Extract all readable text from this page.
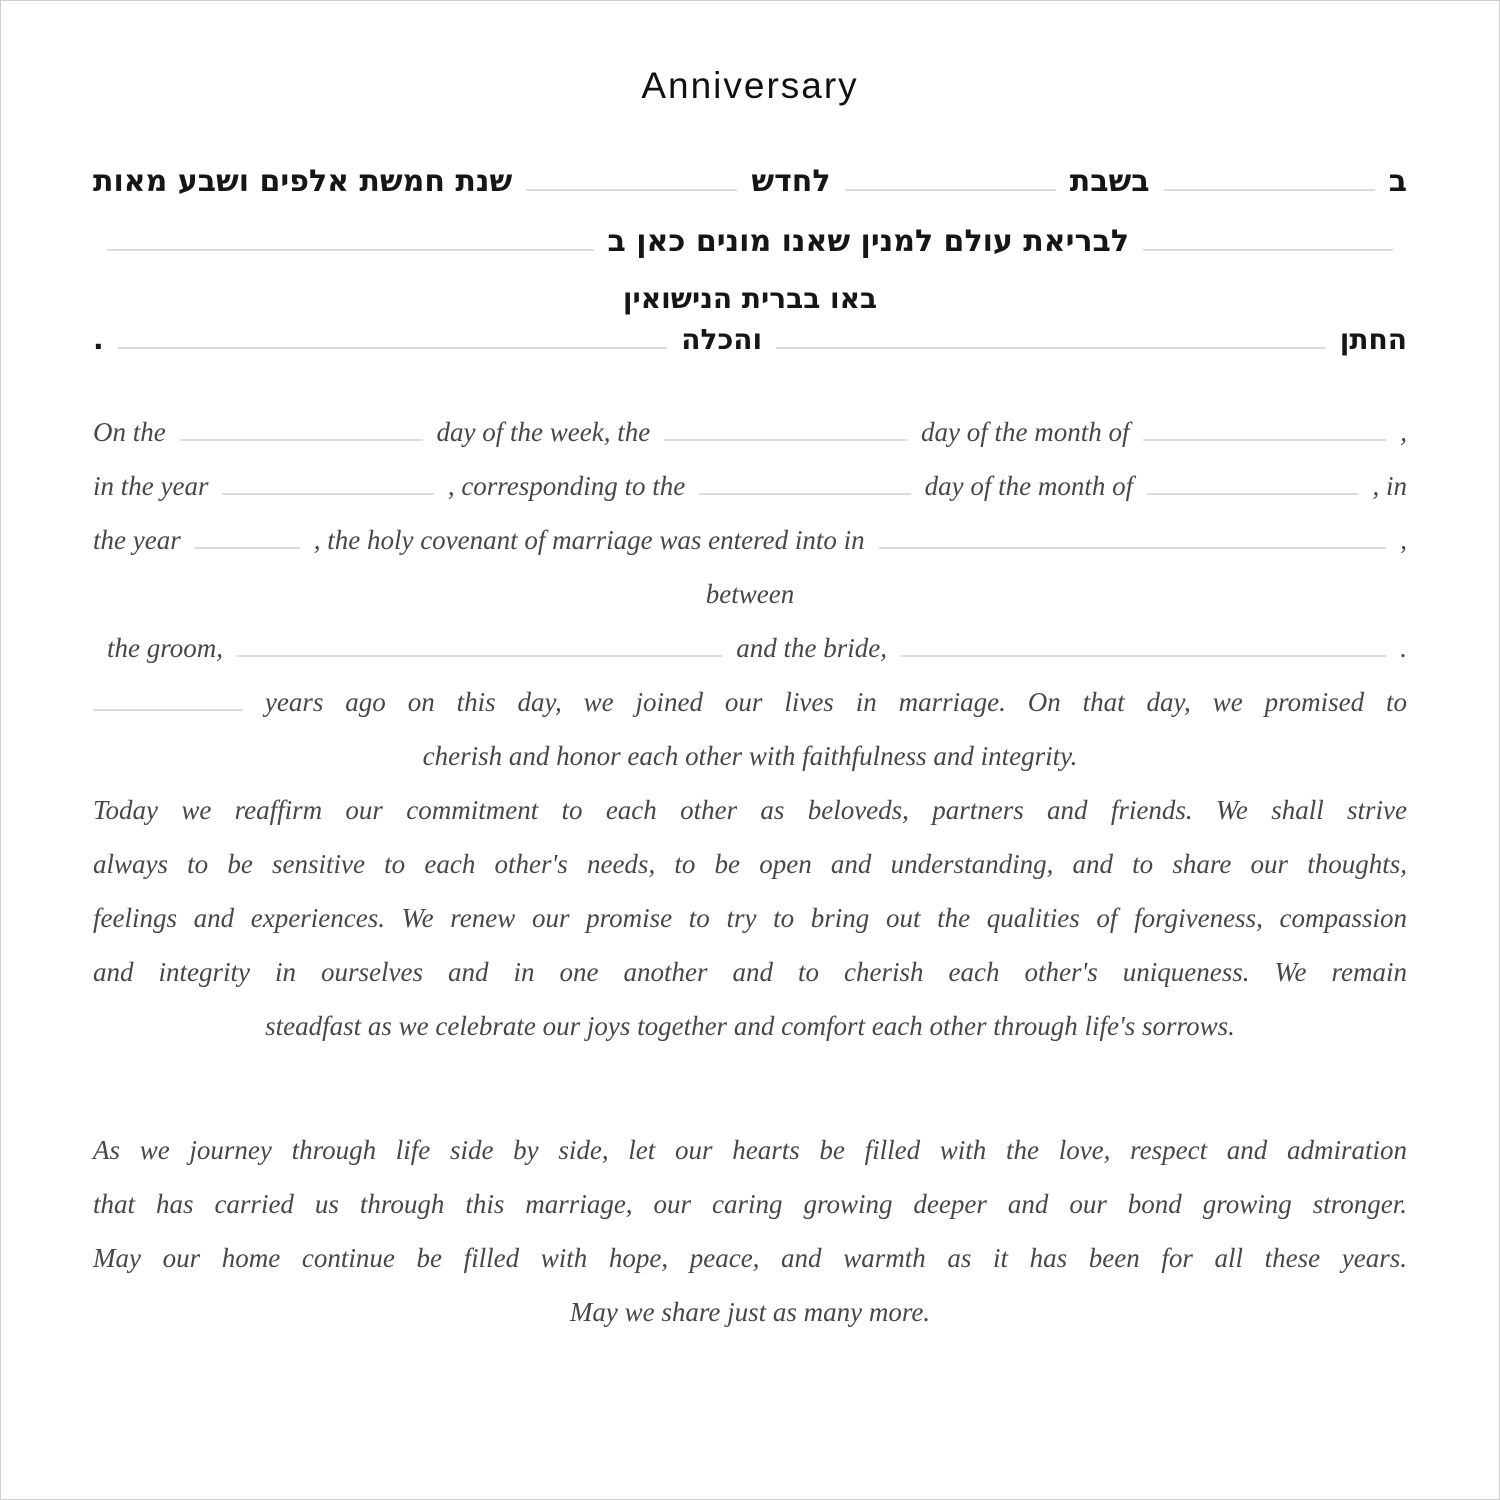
Anniversary
ב
בשבת
לחדש
שנת חמשת אלפים ושבע מאות
לבריאת עולם למנין שאנו מונים כאן ב
באו בברית הנישואין
החתן
והכלה
.
On the	day of the week, the	day of the month of	,
in the year	, corresponding to the	day of the month of	, in
the year	, the holy covenant of marriage was entered into in	,
between
the groom,	and the bride,	.
years ago on this day, we joined our lives in marriage. On that day, we promised to
cherish and honor each other with faithfulness and integrity.
Today we reaffirm our commitment to each other as beloveds, partners and friends. We shall strive
always to be sensitive to each other's needs, to be open and understanding, and to share our thoughts,
feelings and experiences. We renew our promise to try to bring out the qualities of forgiveness, compassion
and integrity in ourselves and in one another and to cherish each other's uniqueness. We remain
steadfast as we celebrate our joys together and comfort each other through life's sorrows.
As we journey through life side by side, let our hearts be filled with the love, respect and admiration
that has carried us through this marriage, our caring growing deeper and our bond growing stronger.
May our home continue be filled with hope, peace, and warmth as it has been for all these years.
May we share just as many more.
